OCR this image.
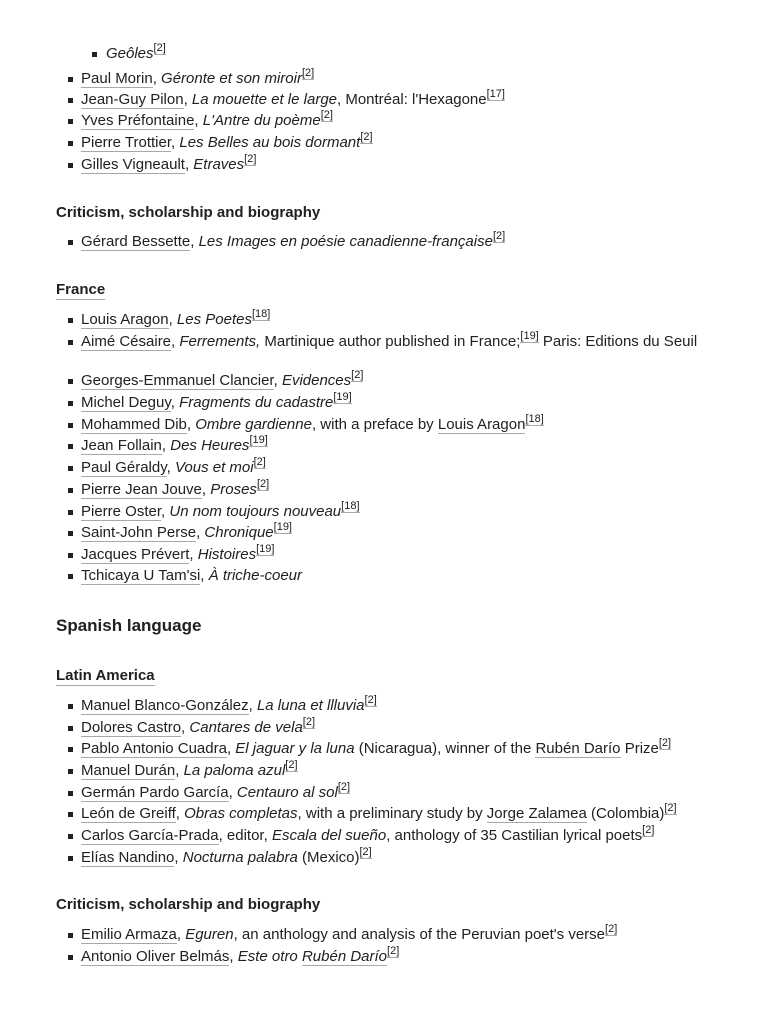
Geôles[2]
Paul Morin, Géronte et son miroir[2]
Jean-Guy Pilon, La mouette et le large, Montréal: l'Hexagone[17]
Yves Préfontaine, L'Antre du poème[2]
Pierre Trottier, Les Belles au bois dormant[2]
Gilles Vigneault, Etraves[2]
Criticism, scholarship and biography
Gérard Bessette, Les Images en poésie canadienne-française[2]
France
Louis Aragon, Les Poetes[18]
Aimé Césaire, Ferrements, Martinique author published in France;[19] Paris: Editions du Seuil
Georges-Emmanuel Clancier, Evidences[2]
Michel Deguy, Fragments du cadastre[19]
Mohammed Dib, Ombre gardienne, with a preface by Louis Aragon[18]
Jean Follain, Des Heures[19]
Paul Géraldy, Vous et moi[2]
Pierre Jean Jouve, Proses[2]
Pierre Oster, Un nom toujours nouveau[18]
Saint-John Perse, Chronique[19]
Jacques Prévert, Histoires[19]
Tchicaya U Tam'si, À triche-coeur
Spanish language
Latin America
Manuel Blanco-González, La luna et llluvia[2]
Dolores Castro, Cantares de vela[2]
Pablo Antonio Cuadra, El jaguar y la luna (Nicaragua), winner of the Rubén Darío Prize[2]
Manuel Durán, La paloma azul[2]
Germán Pardo García, Centauro al sol[2]
León de Greiff, Obras completas, with a preliminary study by Jorge Zalamea (Colombia)[2]
Carlos García-Prada, editor, Escala del sueño, anthology of 35 Castilian lyrical poets[2]
Elías Nandino, Nocturna palabra (Mexico)[2]
Criticism, scholarship and biography
Emilio Armaza, Eguren, an anthology and analysis of the Peruvian poet's verse[2]
Antonio Oliver Belmás, Este otro Rubén Darío[2]
